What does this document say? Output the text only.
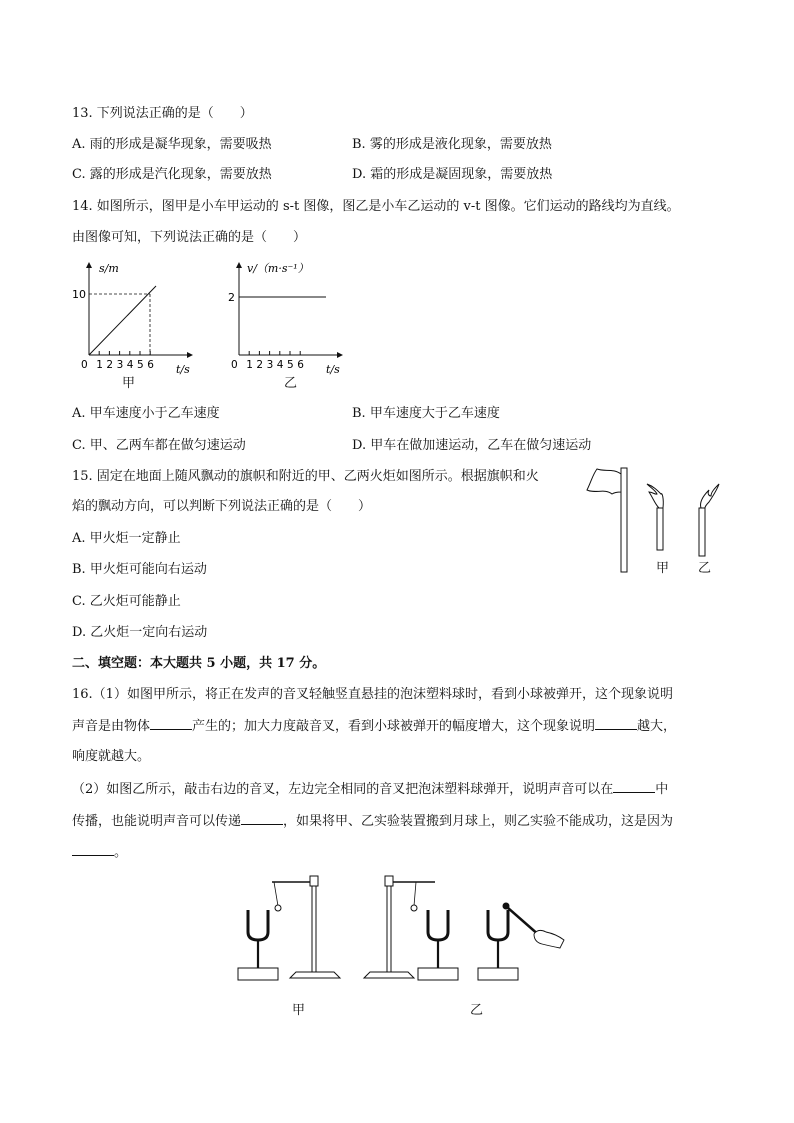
13. 下列说法正确的是（　　）
A. 雨的形成是凝华现象，需要吸热	B. 雾的形成是液化现象，需要放热
C. 露的形成是汽化现象，需要放热	D. 霜的形成是凝固现象，需要放热
14. 如图所示，图甲是小车甲运动的 s-t 图像，图乙是小车乙运动的 v-t 图像。它们运动的路线均为直线。
由图像可知，下列说法正确的是（　　）
s/m
10
t/s
0 1 2 3 4 5 6
甲
v/（m·s⁻¹）
2
t/s
0 1 2 3 4 5 6
乙
A. 甲车速度小于乙车速度	B. 甲车速度大于乙车速度
C. 甲、乙两车都在做匀速运动	D. 甲车在做加速运动，乙车在做匀速运动
15. 固定在地面上随风飘动的旗帜和附近的甲、乙两火炬如图所示。根据旗帜和火
焰的飘动方向，可以判断下列说法正确的是（　　）
A. 甲火炬一定静止
B. 甲火炬可能向右运动
C. 乙火炬可能静止
D. 乙火炬一定向右运动
甲 乙
二、填空题：本大题共 5 小题，共 17 分。
16.（1）如图甲所示，将正在发声的音叉轻触竖直悬挂的泡沫塑料球时，看到小球被弹开，这个现象说明
声音是由物体	产生的；加大力度敲音叉，看到小球被弹开的幅度增大，这个现象说明	越大，
响度就越大。
（2）如图乙所示，敲击右边的音叉，左边完全相同的音叉把泡沫塑料球弹开，说明声音可以在	中
传播，也能说明声音可以传递	，如果将甲、乙实验装置搬到月球上，则乙实验不能成功，这是因为
。
甲	乙
